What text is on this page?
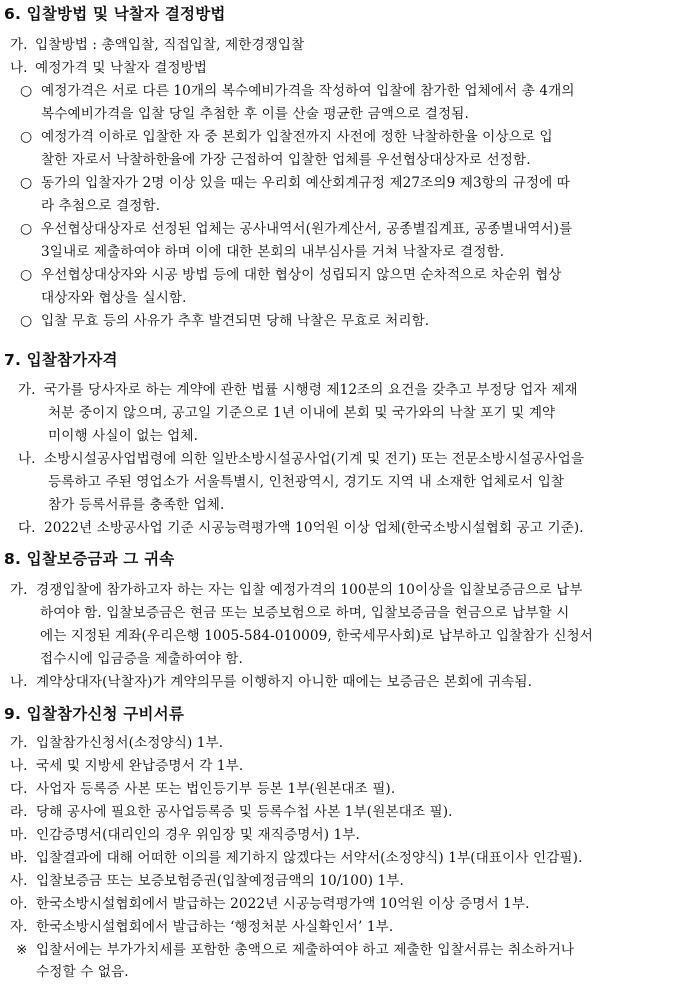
6. 입찰방법 및 낙찰자 결정방법
가. 입찰방법 : 총액입찰, 직접입찰, 제한경쟁입찰
나. 예정가격 및 낙찰자 결정방법
○ 예정가격은 서로 다른 10개의 복수예비가격을 작성하여 입찰에 참가한 업체에서 총 4개의
복수예비가격을 입찰 당일 추첨한 후 이를 산술 평균한 금액으로 결정됨.
○ 예정가격 이하로 입찰한 자 중 본회가 입찰전까지 사전에 정한 낙찰하한율 이상으로 입
찰한 자로서 낙찰하한율에 가장 근접하여 입찰한 업체를 우선협상대상자로 선정함.
○ 동가의 입찰자가 2명 이상 있을 때는 우리회 예산회계규정 제27조의9 제3항의 규정에 따
라 추첨으로 결정함.
○ 우선협상대상자로 선정된 업체는 공사내역서(원가계산서, 공종별집계표, 공종별내역서)를
3일내로 제출하여야 하며 이에 대한 본회의 내부심사를 거쳐 낙찰자로 결정함.
○ 우선협상대상자와 시공 방법 등에 대한 협상이 성립되지 않으면 순차적으로 차순위 협상
대상자와 협상을 실시함.
○ 입찰 무효 등의 사유가 추후 발견되면 당해 낙찰은 무효로 처리함.
7. 입찰참가자격
가. 국가를 당사자로 하는 계약에 관한 법률 시행령 제12조의 요건을 갖추고 부정당 업자 제재
처분 중이지 않으며, 공고일 기준으로 1년 이내에 본회 및 국가와의 낙찰 포기 및 계약
미이행 사실이 없는 업체.
나. 소방시설공사업법령에 의한 일반소방시설공사업(기계 및 전기) 또는 전문소방시설공사업을
등록하고 주된 영업소가 서울특별시, 인천광역시, 경기도 지역 내 소재한 업체로서 입찰
참가 등록서류를 충족한 업체.
다. 2022년 소방공사업 기준 시공능력평가액 10억원 이상 업체(한국소방시설협회 공고 기준).
8. 입찰보증금과 그 귀속
가. 경쟁입찰에 참가하고자 하는 자는 입찰 예정가격의 100분의 10이상을 입찰보증금으로 납부
하여야 함. 입찰보증금은 현금 또는 보증보험으로 하며, 입찰보증금을 현금으로 납부할 시
에는 지정된 계좌(우리은행 1005-584-010009, 한국세무사회)로 납부하고 입찰참가 신청서
접수시에 입금증을 제출하여야 함.
나. 계약상대자(낙찰자)가 계약의무를 이행하지 아니한 때에는 보증금은 본회에 귀속됨.
9. 입찰참가신청 구비서류
가. 입찰참가신청서(소정양식) 1부.
나. 국세 및 지방세 완납증명서 각 1부.
다. 사업자 등록증 사본 또는 법인등기부 등본 1부(원본대조 필).
라. 당해 공사에 필요한 공사업등록증 및 등록수첩 사본 1부(원본대조 필).
마. 인감증명서(대리인의 경우 위임장 및 재직증명서) 1부.
바. 입찰결과에 대해 어떠한 이의를 제기하지 않겠다는 서약서(소정양식) 1부(대표이사 인감필).
사. 입찰보증금 또는 보증보험증권(입찰예정금액의 10/100) 1부.
아. 한국소방시설협회에서 발급하는 2022년 시공능력평가액 10억원 이상 증명서 1부.
자. 한국소방시설협회에서 발급하는 ‘행정처분 사실확인서’ 1부.
※ 입찰서에는 부가가치세를 포함한 총액으로 제출하여야 하고 제출한 입찰서류는 취소하거나
수정할 수 없음.
